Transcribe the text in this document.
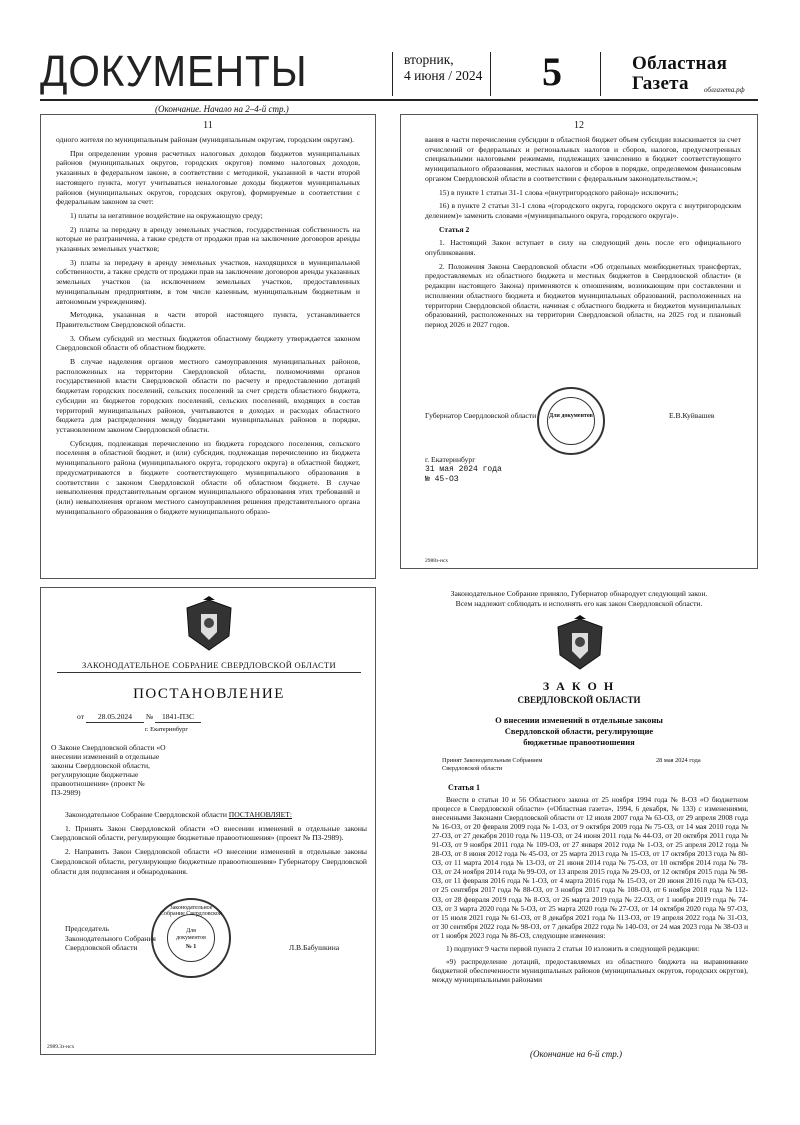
ДОКУМЕНТЫ	вторник,
4 июня / 2024 5	Областная
Газета	облгазета.рф
(Окончание. Начало на 2–4-й стр.)
11

одного жителя по муниципальным районам (муниципальным округам, городским округам).

При определении уровня расчетных налоговых доходов бюджетов муниципальных районов (муниципальных округов, городских округов) помимо налоговых доходов, указанных в федеральном законе, в соответствии с методикой, указанной в части второй настоящего пункта, могут учитываться неналоговые доходы бюджетов муниципальных районов (муниципальных округов, городских округов), формируемые в соответствии с федеральным законом за счет:

1) платы за негативное воздействие на окружающую среду;

2) платы за передачу в аренду земельных участков, государственная собственность на которые не разграничена, а также средств от продажи прав на заключение договоров аренды указанных земельных участков;

3) платы за передачу в аренду земельных участков, находящихся в муниципальной собственности, а также средств от продажи прав на заключение договоров аренды указанных земельных участков (за исключением земельных участков, предоставленных муниципальным предприятиям, в том числе казенным, муниципальным бюджетным и автономным учреждениям).

Методика, указанная в части второй настоящего пункта, устанавливается Правительством Свердловской области.

3. Объем субсидий из местных бюджетов областному бюджету утверждается законом Свердловской области об областном бюджете.

В случае наделения органов местного самоуправления муниципальных районов, расположенных на территории Свердловской области, полномочиями органов государственной власти Свердловской области по расчету и предоставлению дотаций бюджетам городских поселений, сельских поселений за счет средств областного бюджета, субсидии из бюджетов городских поселений, сельских поселений, входящих в состав территорий муниципальных районов, учитываются в доходах и расходах областного бюджета для распределения между бюджетами муниципальных районов в порядке, установленном законом Свердловской области.

Субсидия, подлежащая перечислению из бюджета городского поселения, сельского поселения в областной бюджет, и (или) субсидия, подлежащая перечислению из бюджета муниципального района (муниципального округа, городского округа) в областной бюджет, предусматриваются в бюджете соответствующего муниципального образования в соответствии с законом Свердловской области об областном бюджете. В случае невыполнения представительным органом муниципального образования этих требований и (или) невыполнения органом местного самоуправления решения представительного органа муниципального образования о бюджете муниципального образо-

12

вания в части перечисления субсидии в областной бюджет объем субсидии взыскивается за счет отчислений от федеральных и региональных налогов и сборов, налогов, предусмотренных специальными налоговыми режимами, подлежащих зачислению в бюджет соответствующего муниципального образования, местных налогов и сборов в порядке, определяемом финансовым органом Свердловской области в соответствии с федеральным законодательством.»;

15) в пункте 1 статьи 31-1 слова «(внутригородского района)» исключить;

16) в пункте 2 статьи 31-1 слова «(городского округа, городского округа с внутригородским делением)» заменить словами «(муниципального округа, городского округа)».

Статья 2

1. Настоящий Закон вступает в силу на следующий день после его официального опубликования.

2. Положения Закона Свердловской области «Об отдельных межбюджетных трансфертах, предоставляемых из областного бюджета и местных бюджетов в Свердловской области» (в редакции настоящего Закона) применяются к отношениям, возникающим при составлении и исполнении областного бюджета и бюджетов муниципальных образований, расположенных на территории Свердловской области, начиная с областного бюджета и бюджетов муниципальных образований, расположенных на территории Свердловской области, на 2025 год и плановый период 2026 и 2027 годов.

Губернатор Свердловской области	Е.В.Куйвашев
Для документов
г. Екатеринбург
31 мая 2024 года
№ 45-ОЗ
2988з-нсх
ЗАКОНОДАТЕЛЬНОЕ СОБРАНИЕ СВЕРДЛОВСКОЙ ОБЛАСТИ
ПОСТАНОВЛЕНИЕ
от 28.05.2024 № 1841-ПЗС
г. Екатеринбург
О Законе Свердловской области «О внесении изменений в отдельные законы Свердловской области, регулирующие бюджетные правоотношения» (проект № ПЗ-2989)

Законодательное Собрание Свердловской области ПОСТАНОВЛЯЕТ:

1. Принять Закон Свердловской области «О внесении изменений в отдельные законы Свердловской области, регулирующие бюджетные правоотношения» (проект № ПЗ-2989).

2. Направить Закон Свердловской области «О внесении изменений в отдельные законы Свердловской области, регулирующие бюджетные правоотношения» Губернатору Свердловской области для подписания и обнародования.

Председатель
Законодательного Собрания
Свердловской области	Л.В.Бабушкина
Законодательное Собрание Свердловской
Для документов
№ 1
2989.3з-нсх
Законодательное Собрание приняло, Губернатор обнародует следующий закон.
Всем надлежит соблюдать и исполнять его как закон Свердловской области.
З А К О Н
СВЕРДЛОВСКОЙ ОБЛАСТИ
О внесении изменений в отдельные законы
Свердловской области, регулирующие
бюджетные правоотношения
Принят Законодательным Собранием
Свердловской области
28 мая 2024 года
Статья 1

Внести в статьи 10 и 56 Областного закона от 25 ноября 1994 года № 8-ОЗ «О бюджетном процессе в Свердловской области» («Областная газета», 1994, 6 декабря, № 133) с изменениями, внесенными Законами Свердловской области от 12 июля 2007 года № 63-ОЗ, от 29 апреля 2008 года № 16-ОЗ, от 20 февраля 2009 года № 1-ОЗ, от 9 октября 2009 года № 75-ОЗ, от 14 мая 2010 года № 27-ОЗ, от 27 декабря 2010 года № 119-ОЗ, от 24 июня 2011 года № 44-ОЗ, от 20 октября 2011 года № 91-ОЗ, от 9 ноября 2011 года № 109-ОЗ, от 27 января 2012 года № 1-ОЗ, от 25 апреля 2012 года № 28-ОЗ, от 8 июня 2012 года № 45-ОЗ, от 25 марта 2013 года № 15-ОЗ, от 17 октября 2013 года № 80-ОЗ, от 11 марта 2014 года № 13-ОЗ, от 21 июня 2014 года № 75-ОЗ, от 10 октября 2014 года № 78-ОЗ, от 24 ноября 2014 года № 99-ОЗ, от 13 апреля 2015 года № 29-ОЗ, от 12 октября 2015 года № 98-ОЗ, от 11 февраля 2016 года № 1-ОЗ, от 4 марта 2016 года № 15-ОЗ, от 20 июня 2016 года № 63-ОЗ, от 25 сентября 2017 года № 88-ОЗ, от 3 ноября 2017 года № 108-ОЗ, от 6 ноября 2018 года № 112-ОЗ, от 28 февраля 2019 года № 8-ОЗ, от 26 марта 2019 года № 22-ОЗ, от 1 ноября 2019 года № 74-ОЗ, от 3 марта 2020 года № 5-ОЗ, от 25 марта 2020 года № 27-ОЗ, от 14 октября 2020 года № 97-ОЗ, от 15 июля 2021 года № 61-ОЗ, от 8 декабря 2021 года № 113-ОЗ, от 19 апреля 2022 года № 31-ОЗ, от 30 сентября 2022 года № 98-ОЗ, от 7 декабря 2022 года № 140-ОЗ, от 24 мая 2023 года № 38-ОЗ и от 1 ноября 2023 года № 86-ОЗ, следующие изменения:

1) подпункт 9 части первой пункта 2 статьи 10 изложить в следующей редакции:

«9) распределение дотаций, предоставляемых из областного бюджета на выравнивание бюджетной обеспеченности муниципальных районов (муниципальных округов, городских округов), между муниципальными районами

(Окончание на 6-й стр.)
